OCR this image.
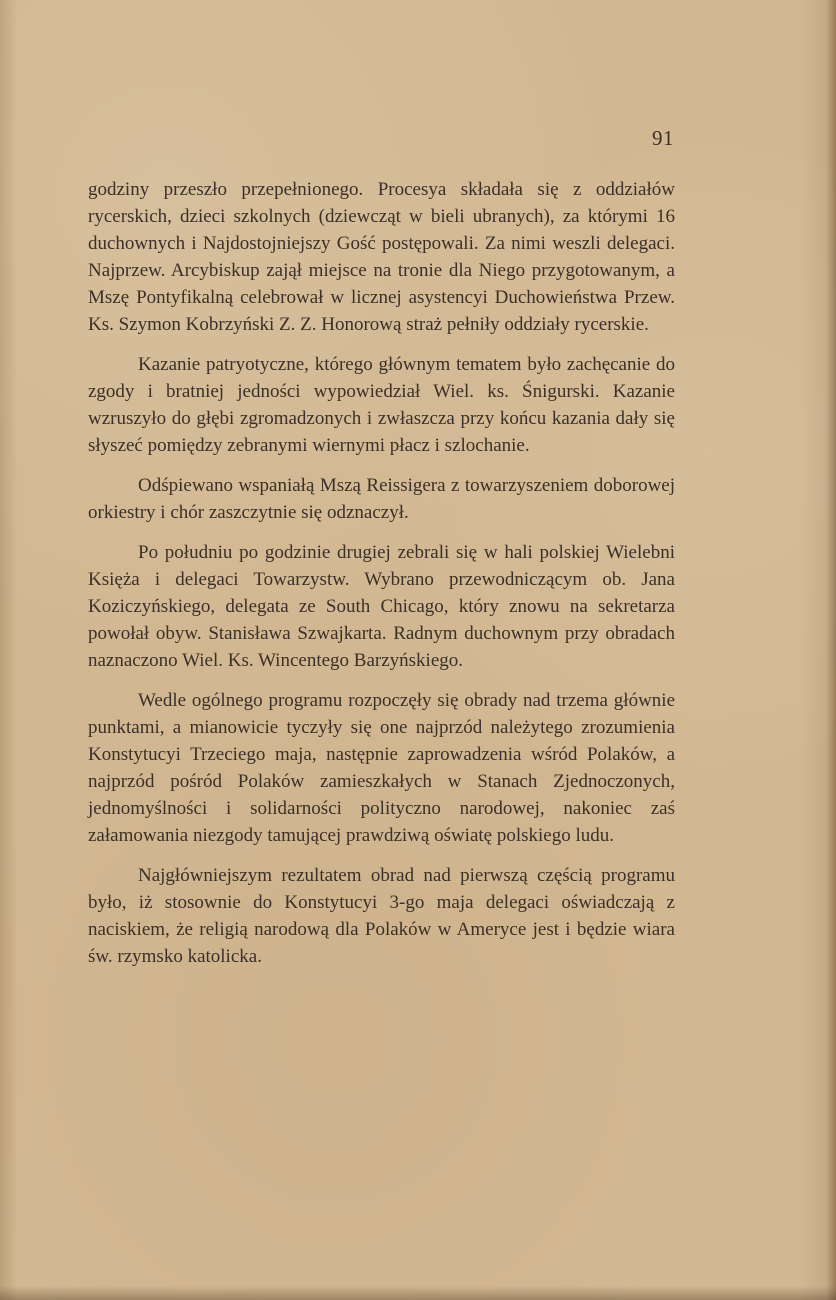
91

godziny przeszło przepełnionego. Procesya składała się z oddziałów rycerskich, dzieci szkolnych (dziewcząt w bieli ubranych), za którymi 16 duchownych i Najdostojniejszy Gość postępowali. Za nimi weszli delegaci. Najprzew. Arcybiskup zajął miejsce na tronie dla Niego przygotowanym, a Mszę Pontyfikalną celebrował w licznej asystencyi Duchowieństwa Przew. Ks. Szymon Kobrzyński Z. Z. Honorową straż pełniły oddziały rycerskie.

Kazanie patryotyczne, którego głównym tematem było zachęcanie do zgody i bratniej jedności wypowiedział Wiel. ks. Śnigurski. Kazanie wzruszyło do głębi zgromadzonych i zwłaszcza przy końcu kazania dały się słyszeć pomiędzy zebranymi wiernymi płacz i szlochanie.

Odśpiewano wspaniałą Mszą Reissigera z towarzyszeniem doborowej orkiestry i chór zaszczytnie się odznaczył.

Po południu po godzinie drugiej zebrali się w hali polskiej Wielebni Księża i delegaci Towarzystw. Wybrano przewodniczącym ob. Jana Koziczyńskiego, delegata ze South Chicago, który znowu na sekretarza powołał obyw. Stanisława Szwajkarta. Radnym duchownym przy obradach naznaczono Wiel. Ks. Wincentego Barzyńskiego.

Wedle ogólnego programu rozpoczęły się obrady nad trzema głównie punktami, a mianowicie tyczyły się one najprzód należytego zrozumienia Konstytucyi Trzeciego maja, następnie zaprowadzenia wśród Polaków, a najprzód pośród Polaków zamieszkałych w Stanach Zjednoczonych, jednomyślności i solidarności polityczno narodowej, nakoniec zaś załamowania niezgody tamującej prawdziwą oświatę polskiego ludu.

Najgłówniejszym rezultatem obrad nad pierwszą częścią programu było, iż stosownie do Konstytucyi 3-go maja delegaci oświadczają z naciskiem, że religią narodową dla Polaków w Ameryce jest i będzie wiara św. rzymsko katolicka.
